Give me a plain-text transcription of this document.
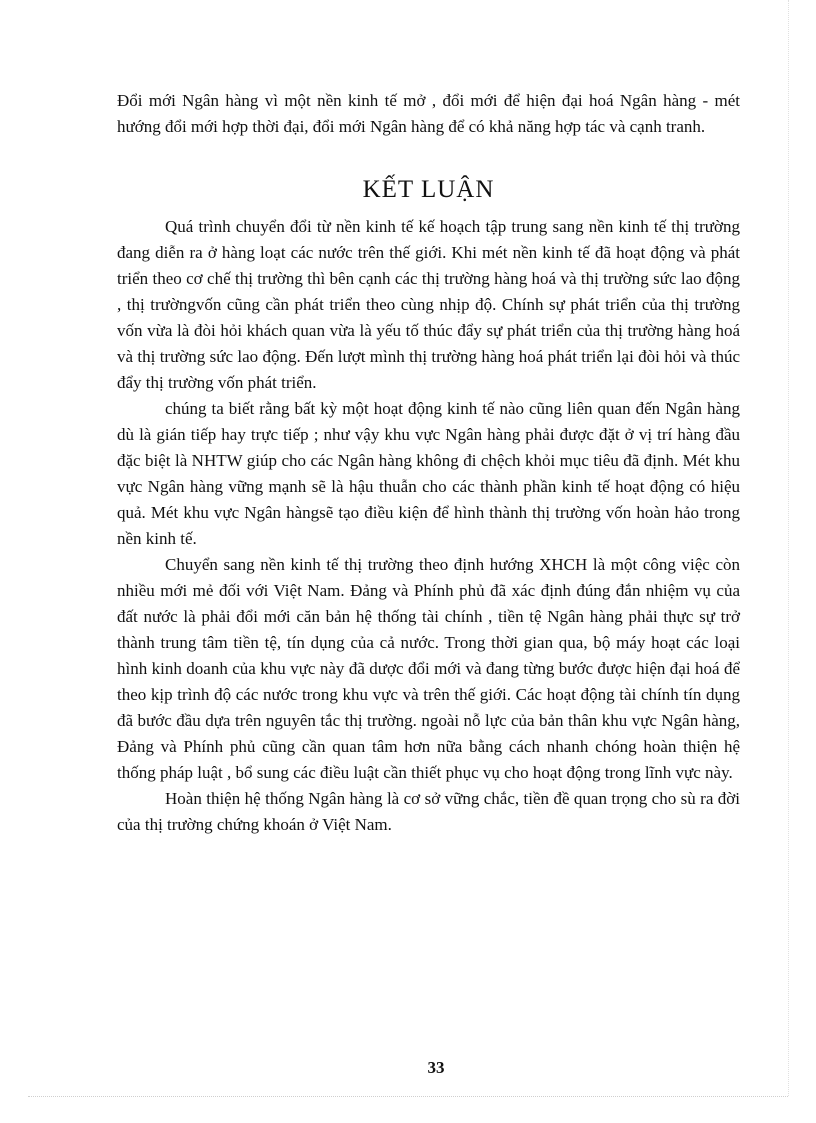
Đổi mới Ngân hàng vì một nền kinh tế mở , đổi mới để hiện đại hoá Ngân hàng - mét hướng đổi mới hợp thời đại, đổi mới Ngân hàng để có khả năng hợp tác và cạnh tranh.

KẾT LUẬN

Quá trình chuyển đổi từ nền kinh tế kế hoạch tập trung sang nền kinh tế thị trường đang diễn ra ở hàng loạt các nước trên thế giới. Khi mét nền kinh tế đã hoạt động và phát triển theo cơ chế thị trường thì bên cạnh các thị trường hàng hoá và thị trường sức lao động , thị trườngvốn cũng cần phát triển theo cùng nhịp độ. Chính sự phát triển của thị trường vốn vừa là đòi hỏi khách quan vừa là yếu tố thúc đẩy sự phát triển của thị trường hàng hoá và thị trường sức lao động. Đến lượt mình thị trường hàng hoá phát triển lại đòi hỏi và thúc đẩy thị trường vốn phát triển.

chúng ta biết rằng bất kỳ một hoạt động kinh tế nào cũng liên quan đến Ngân hàng dù là gián tiếp hay trực tiếp ; như vậy khu vực Ngân hàng phải được đặt ở vị trí hàng đầu đặc biệt là NHTW giúp cho các Ngân hàng không đi chệch khỏi mục tiêu đã định. Mét khu vực Ngân hàng vững mạnh sẽ là hậu thuẫn cho các thành phần kinh tế hoạt động có hiệu quả. Mét khu vực Ngân hàngsẽ tạo điều kiện để hình thành thị trường vốn hoàn hảo trong nền kinh tế.

Chuyển sang nền kinh tế thị trường theo định hướng XHCH là một công việc còn nhiều mới mẻ đối với Việt Nam. Đảng và Phính phủ đã xác định đúng đắn nhiệm vụ của đất nước là phải đổi mới căn bản hệ thống tài chính , tiền tệ Ngân hàng phải thực sự trở thành trung tâm tiền tệ, tín dụng của cả nước. Trong thời gian qua, bộ máy hoạt các loại hình kinh doanh của khu vực này đã dược đổi mới và đang từng bước được hiện đại hoá để theo kịp trình độ các nước trong khu vực và trên thế giới. Các hoạt động tài chính tín dụng đã bước đầu dựa trên nguyên tắc thị trường. ngoài nỗ lực của bản thân khu vực Ngân hàng, Đảng và Phính phủ cũng cần quan tâm hơn nữa bằng cách nhanh chóng hoàn thiện hệ thống pháp luật , bổ sung các điều luật cần thiết phục vụ cho hoạt động trong lĩnh vực này.

Hoàn thiện hệ thống Ngân hàng là cơ sở vững chắc, tiền đề quan trọng cho sù ra đời của thị trường chứng khoán ở Việt Nam.

33
